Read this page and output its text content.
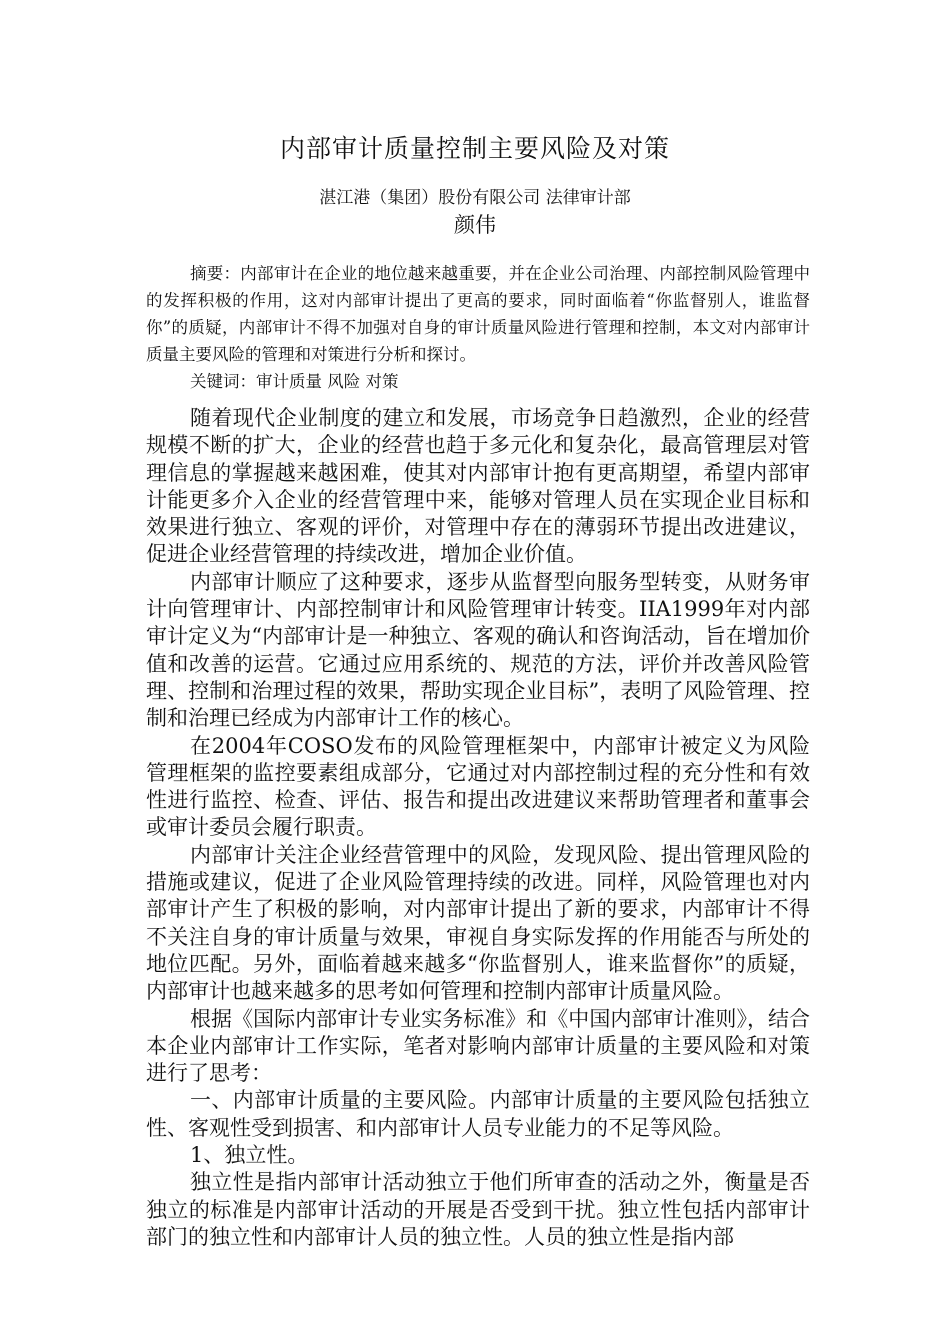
内部审计质量控制主要风险及对策
湛江港（集团）股份有限公司 法律审计部
颜伟

摘要：内部审计在企业的地位越来越重要，并在企业公司治理、内部控制风险管理中的发挥积极的作用，这对内部审计提出了更高的要求，同时面临着“你监督别人，谁监督你”的质疑，内部审计不得不加强对自身的审计质量风险进行管理和控制，本文对内部审计质量主要风险的管理和对策进行分析和探讨。

关键词：审计质量 风险 对策

随着现代企业制度的建立和发展，市场竞争日趋激烈，企业的经营规模不断的扩大，企业的经营也趋于多元化和复杂化，最高管理层对管理信息的掌握越来越困难，使其对内部审计抱有更高期望，希望内部审计能更多介入企业的经营管理中来，能够对管理人员在实现企业目标和效果进行独立、客观的评价，对管理中存在的薄弱环节提出改进建议，促进企业经营管理的持续改进，增加企业价值。

内部审计顺应了这种要求，逐步从监督型向服务型转变，从财务审计向管理审计、内部控制审计和风险管理审计转变。IIA1999年对内部审计定义为“内部审计是一种独立、客观的确认和咨询活动，旨在增加价值和改善的运营。它通过应用系统的、规范的方法，评价并改善风险管理、控制和治理过程的效果，帮助实现企业目标”，表明了风险管理、控制和治理已经成为内部审计工作的核心。

在2004年COSO发布的风险管理框架中，内部审计被定义为风险管理框架的监控要素组成部分，它通过对内部控制过程的充分性和有效性进行监控、检查、评估、报告和提出改进建议来帮助管理者和董事会或审计委员会履行职责。

内部审计关注企业经营管理中的风险，发现风险、提出管理风险的措施或建议，促进了企业风险管理持续的改进。同样，风险管理也对内部审计产生了积极的影响，对内部审计提出了新的要求，内部审计不得不关注自身的审计质量与效果，审视自身实际发挥的作用能否与所处的地位匹配。另外，面临着越来越多“你监督别人，谁来监督你”的质疑，内部审计也越来越多的思考如何管理和控制内部审计质量风险。

根据《国际内部审计专业实务标准》和《中国内部审计准则》，结合本企业内部审计工作实际，笔者对影响内部审计质量的主要风险和对策进行了思考：

一、内部审计质量的主要风险。内部审计质量的主要风险包括独立性、客观性受到损害、和内部审计人员专业能力的不足等风险。

1、独立性。

独立性是指内部审计活动独立于他们所审查的活动之外，衡量是否独立的标准是内部审计活动的开展是否受到干扰。独立性包括内部审计部门的独立性和内部审计人员的独立性。人员的独立性是指内部
